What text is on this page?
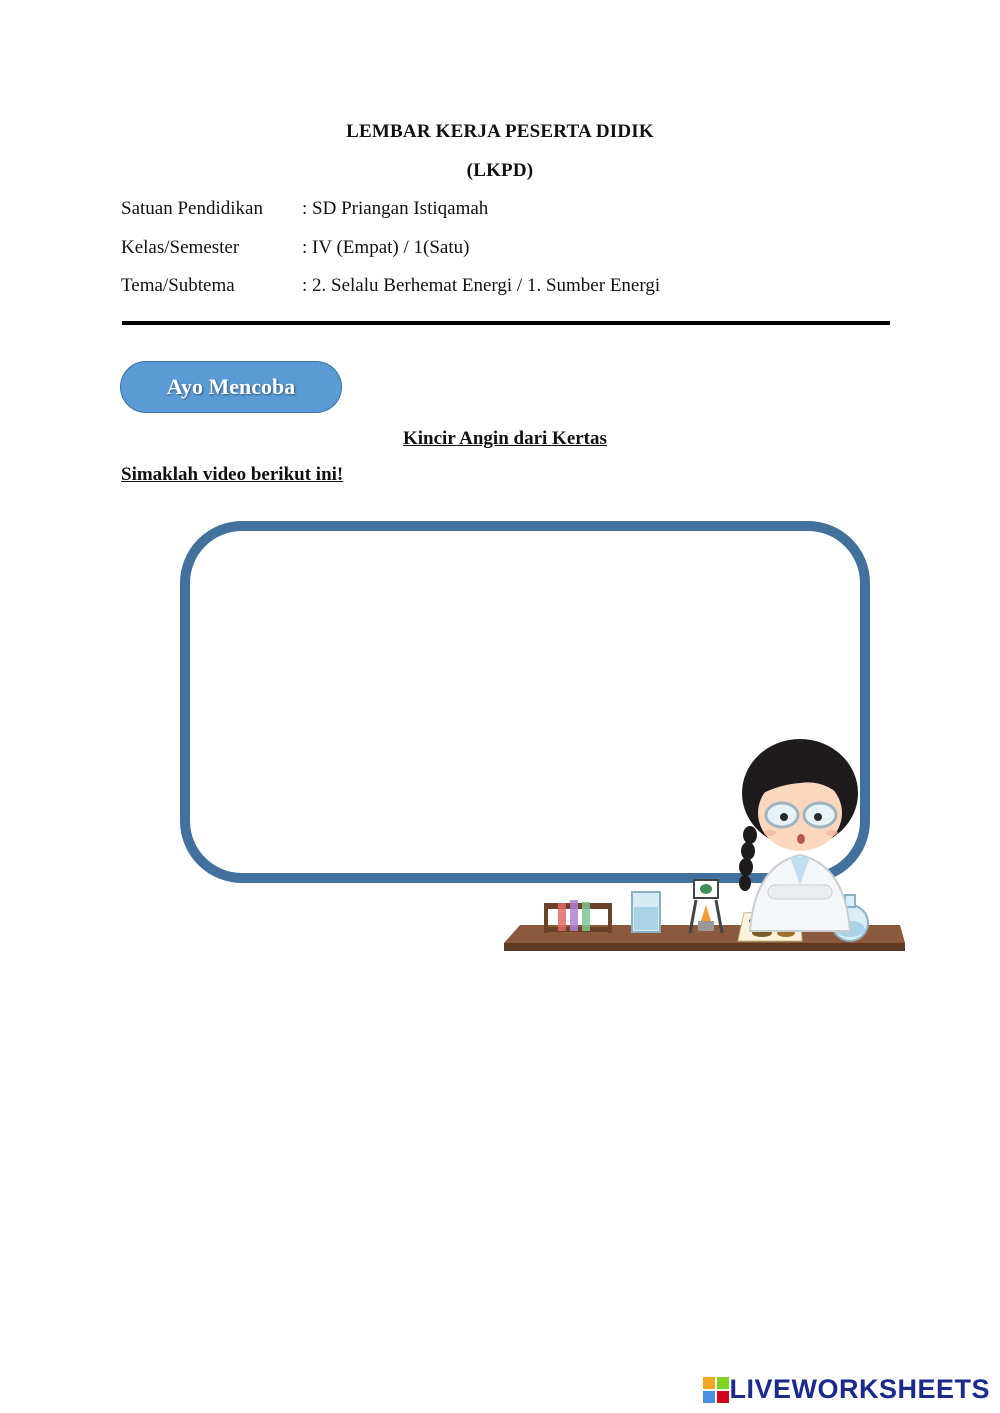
LEMBAR KERJA PESERTA DIDIK
(LKPD)
Satuan Pendidikan : SD Priangan Istiqamah
Kelas/Semester	: IV (Empat) / 1(Satu)
Tema/Subtema	: 2. Selalu Berhemat Energi / 1. Sumber Energi
Ayo Mencoba
Kincir Angin dari Kertas
Simaklah video berikut ini!
LIVEWORKSHEETS
